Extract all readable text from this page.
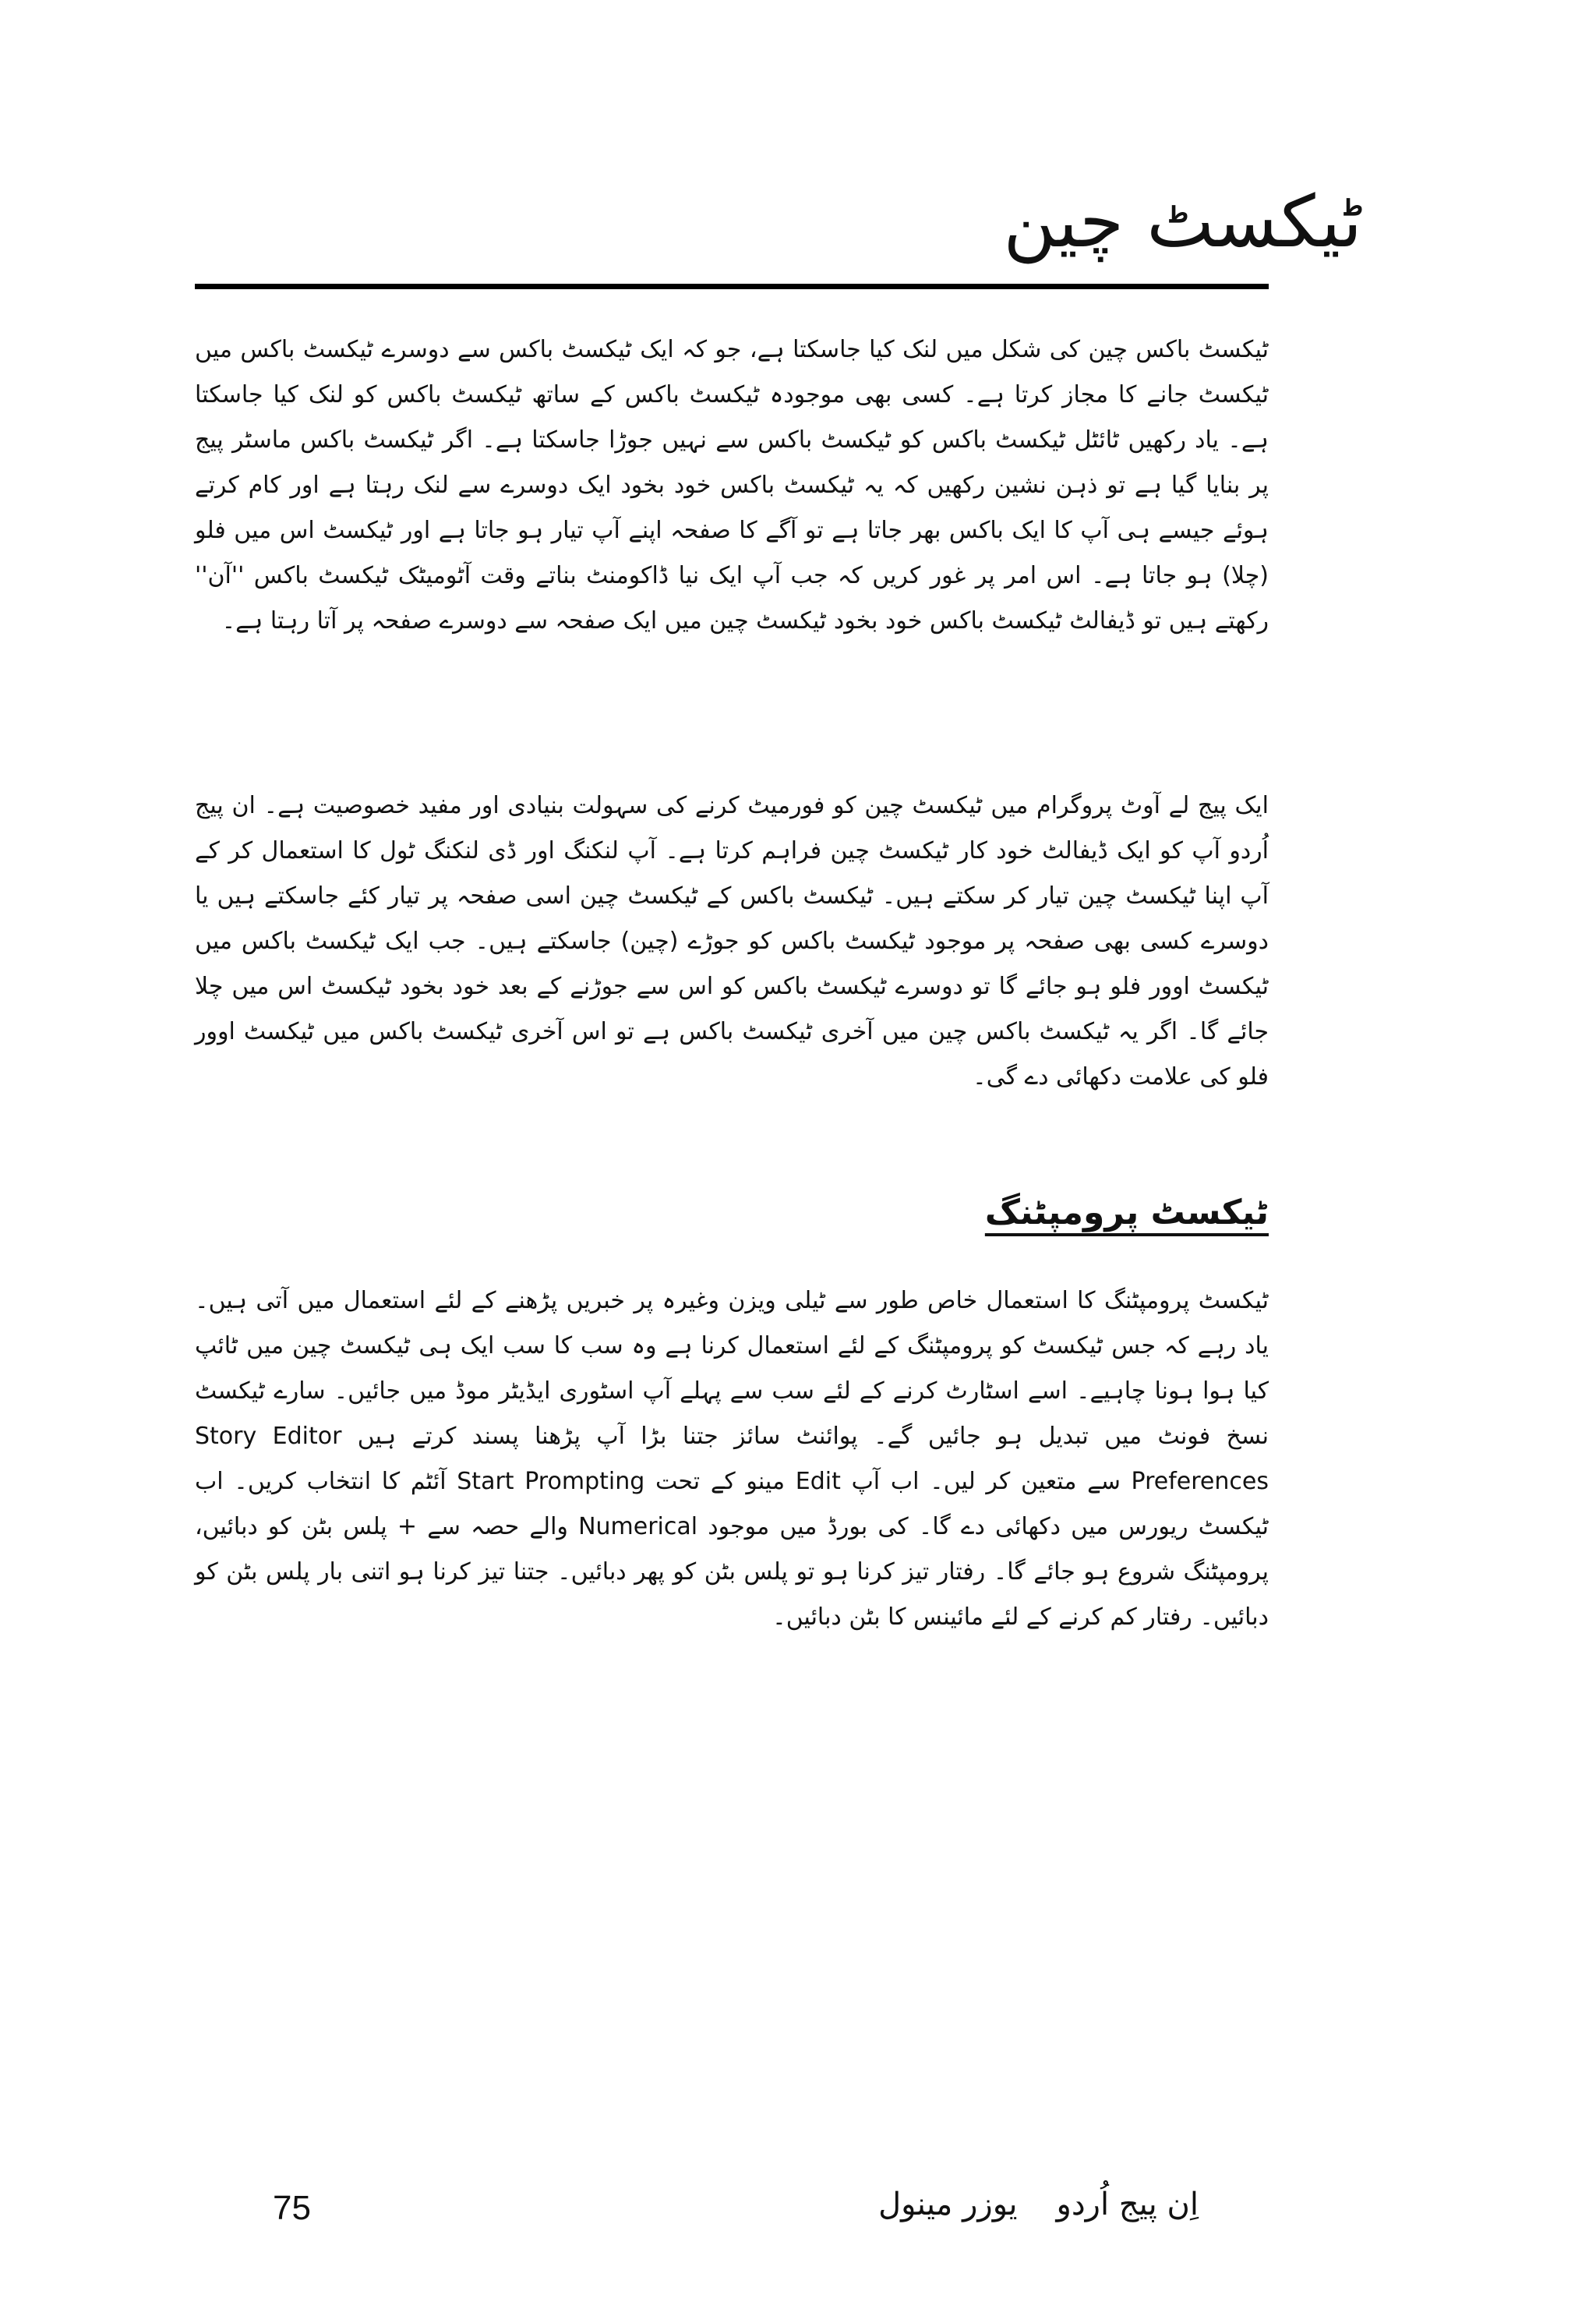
ٹیکسٹ چین

ٹیکسٹ باکس چین کی شکل میں لنک کیا جاسکتا ہے، جو کہ ایک ٹیکسٹ باکس سے دوسرے ٹیکسٹ باکس میں ٹیکسٹ جانے کا مجاز کرتا ہے۔ کسی بھی موجودہ ٹیکسٹ باکس کے ساتھ ٹیکسٹ باکس کو لنک کیا جاسکتا ہے۔ یاد رکھیں ٹائٹل ٹیکسٹ باکس کو ٹیکسٹ باکس سے نہیں جوڑا جاسکتا ہے۔ اگر ٹیکسٹ باکس ماسٹر پیج پر بنایا گیا ہے تو ذہن نشین رکھیں کہ یہ ٹیکسٹ باکس خود بخود ایک دوسرے سے لنک رہتا ہے اور کام کرتے ہوئے جیسے ہی آپ کا ایک باکس بھر جاتا ہے تو آگے کا صفحہ اپنے آپ تیار ہو جاتا ہے اور ٹیکسٹ اس میں فلو (چلا) ہو جاتا ہے۔ اس امر پر غور کریں کہ جب آپ ایک نیا ڈاکومنٹ بناتے وقت آٹومیٹک ٹیکسٹ باکس ''آن'' رکھتے ہیں تو ڈیفالٹ ٹیکسٹ باکس خود بخود ٹیکسٹ چین میں ایک صفحہ سے دوسرے صفحہ پر آتا رہتا ہے۔

ایک پیج لے آوٹ پروگرام میں ٹیکسٹ چین کو فورمیٹ کرنے کی سہولت بنیادی اور مفید خصوصیت ہے۔ ان پیج اُردو آپ کو ایک ڈیفالٹ خود کار ٹیکسٹ چین فراہم کرتا ہے۔ آپ لنکنگ اور ڈی لنکنگ ٹول کا استعمال کر کے آپ اپنا ٹیکسٹ چین تیار کر سکتے ہیں۔ ٹیکسٹ باکس کے ٹیکسٹ چین اسی صفحہ پر تیار کئے جاسکتے ہیں یا دوسرے کسی بھی صفحہ پر موجود ٹیکسٹ باکس کو جوڑے (چین) جاسکتے ہیں۔ جب ایک ٹیکسٹ باکس میں ٹیکسٹ اوور فلو ہو جائے گا تو دوسرے ٹیکسٹ باکس کو اس سے جوڑنے کے بعد خود بخود ٹیکسٹ اس میں چلا جائے گا۔ اگر یہ ٹیکسٹ باکس چین میں آخری ٹیکسٹ باکس ہے تو اس آخری ٹیکسٹ باکس میں ٹیکسٹ اوور فلو کی علامت دکھائی دے گی۔

ٹیکسٹ پرومپٹنگ

ٹیکسٹ پرومپٹنگ کا استعمال خاص طور سے ٹیلی ویزن وغیرہ پر خبریں پڑھنے کے لئے استعمال میں آتی ہیں۔ یاد رہے کہ جس ٹیکسٹ کو پرومپٹنگ کے لئے استعمال کرنا ہے وہ سب کا سب ایک ہی ٹیکسٹ چین میں ٹائپ کیا ہوا ہونا چاہیے۔ اسے اسٹارٹ کرنے کے لئے سب سے پہلے آپ اسٹوری ایڈیٹر موڈ میں جائیں۔ سارے ٹیکسٹ نسخ فونٹ میں تبدیل ہو جائیں گے۔ پوائنٹ سائز جتنا بڑا آپ پڑھنا پسند کرتے ہیں Story Editor Preferences سے متعین کر لیں۔ اب آپ Edit مینو کے تحت Start Prompting آئٹم کا انتخاب کریں۔ اب ٹیکسٹ ریورس میں دکھائی دے گا۔ کی بورڈ میں موجود Numerical والے حصہ سے + پلس بٹن کو دبائیں، پرومپٹنگ شروع ہو جائے گا۔ رفتار تیز کرنا ہو تو پلس بٹن کو پھر دبائیں۔ جتنا تیز کرنا ہو اتنی بار پلس بٹن کو دبائیں۔ رفتار کم کرنے کے لئے مائینس کا بٹن دبائیں۔

75	اِن پیج اُردویوزر مینول
